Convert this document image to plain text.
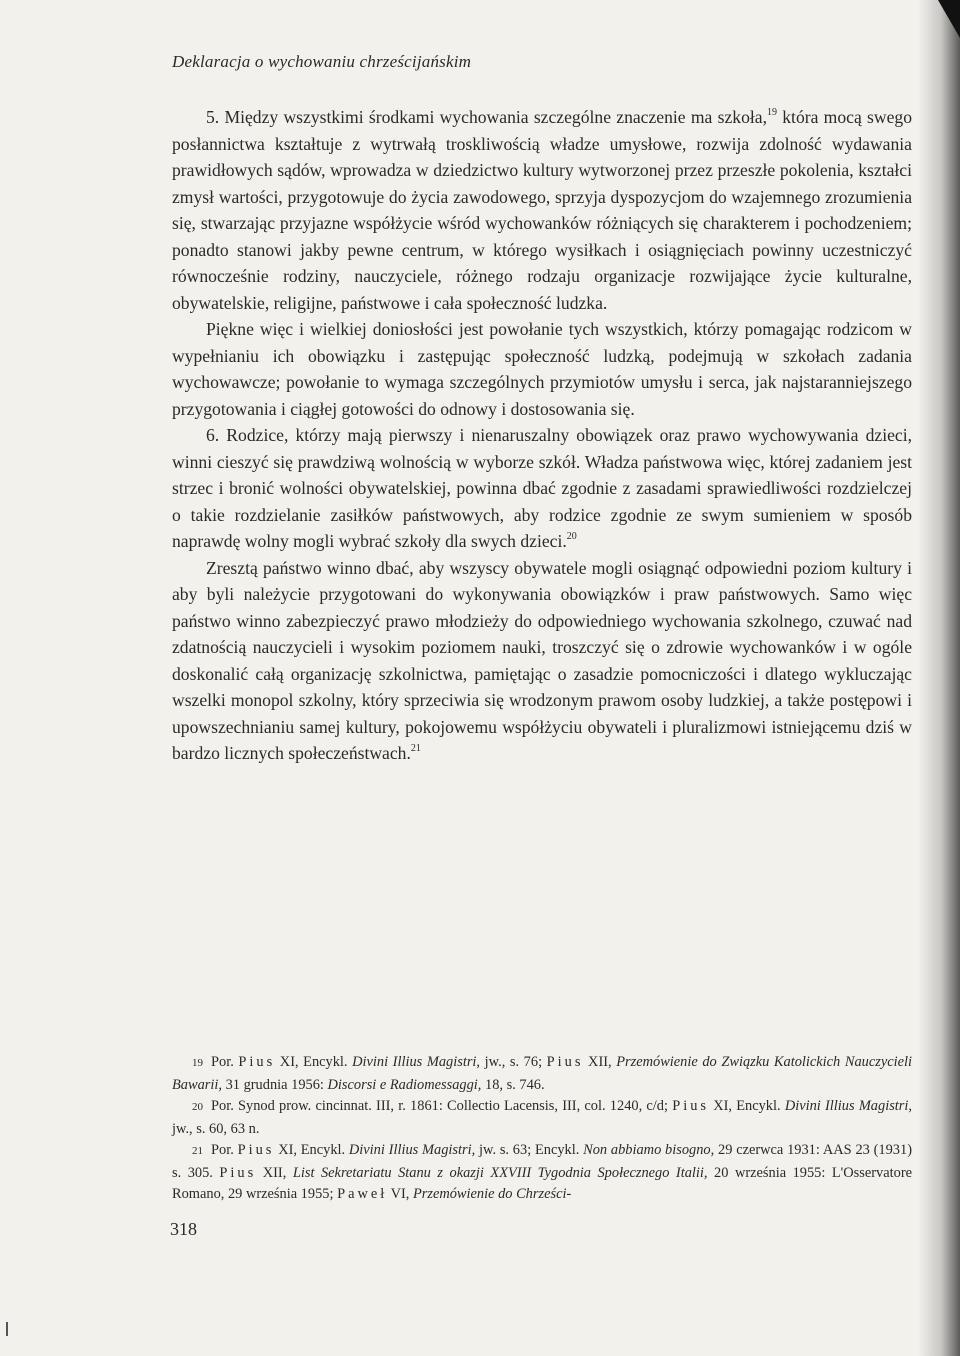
Deklaracja o wychowaniu chrześcijańskim

5. Między wszystkimi środkami wychowania szczególne znaczenie ma szkoła,$^{19}$ która mocą swego posłannictwa kształtuje z wytrwałą troskliwością władze umysłowe, rozwija zdolność wydawania prawidłowych sądów, wprowadza w dziedzictwo kultury wytworzonej przez przeszłe pokolenia, kształci zmysł wartości, przygotowuje do życia zawodowego, sprzyja dyspozycjom do wzajemnego zrozumienia się, stwarzając przyjazne współżycie wśród wychowanków różniących się charakterem i pochodzeniem; ponadto stanowi jakby pewne centrum, w którego wysiłkach i osiągnięciach powinny uczestniczyć równocześnie rodziny, nauczyciele, różnego rodzaju organizacje rozwijające życie kulturalne, obywatelskie, religijne, państwowe i cała społeczność ludzka.

Piękne więc i wielkiej doniosłości jest powołanie tych wszystkich, którzy pomagając rodzicom w wypełnianiu ich obowiązku i zastępując społeczność ludzką, podejmują w szkołach zadania wychowawcze; powołanie to wymaga szczególnych przymiotów umysłu i serca, jak najstaranniejszego przygotowania i ciągłej gotowości do odnowy i dostosowania się.

6. Rodzice, którzy mają pierwszy i nienaruszalny obowiązek oraz prawo wychowywania dzieci, winni cieszyć się prawdziwą wolnością w wyborze szkół. Władza państwowa więc, której zadaniem jest strzec i bronić wolności obywatelskiej, powinna dbać zgodnie z zasadami sprawiedliwości rozdzielczej o takie rozdzielanie zasiłków państwowych, aby rodzice zgodnie ze swym sumieniem w sposób naprawdę wolny mogli wybrać szkoły dla swych dzieci.$^{20}$

Zresztą państwo winno dbać, aby wszyscy obywatele mogli osiągnąć odpowiedni poziom kultury i aby byli należycie przygotowani do wykonywania obowiązków i praw państwowych. Samo więc państwo winno zabezpieczyć prawo młodzieży do odpowiedniego wychowania szkolnego, czuwać nad zdatnością nauczycieli i wysokim poziomem nauki, troszczyć się o zdrowie wychowanków i w ogóle doskonalić całą organizację szkolnictwa, pamiętając o zasadzie pomocniczości i dlatego wykluczając wszelki monopol szkolny, który sprzeciwia się wrodzonym prawom osoby ludzkiej, a także postępowi i upowszechnianiu samej kultury, pokojowemu współżyciu obywateli i pluralizmowi istniejącemu dziś w bardzo licznych społeczeństwach.$^{21}$

19 Por. Pius XI, Encykl. Divini Illius Magistri, jw., s. 76; Pius XII, Przemówienie do Związku Katolickich Nauczycieli Bawarii, 31 grudnia 1956: Discorsi e Radiomessaggi, 18, s. 746.

20 Por. Synod prow. cincinnat. III, r. 1861: Collectio Lacensis, III, col. 1240, c/d; Pius XI, Encykl. Divini Illius Magistri, jw., s. 60, 63 n.

21 Por. Pius XI, Encykl. Divini Illius Magistri, jw. s. 63; Encykl. Non abbiamo bisogno, 29 czerwca 1931: AAS 23 (1931) s. 305. Pius XII, List Sekretariatu Stanu z okazji XXVIII Tygodnia Społecznego Italii, 20 września 1955: L'Osservatore Romano, 29 września 1955; Paweł VI, Przemówienie do Chrześci-

318
